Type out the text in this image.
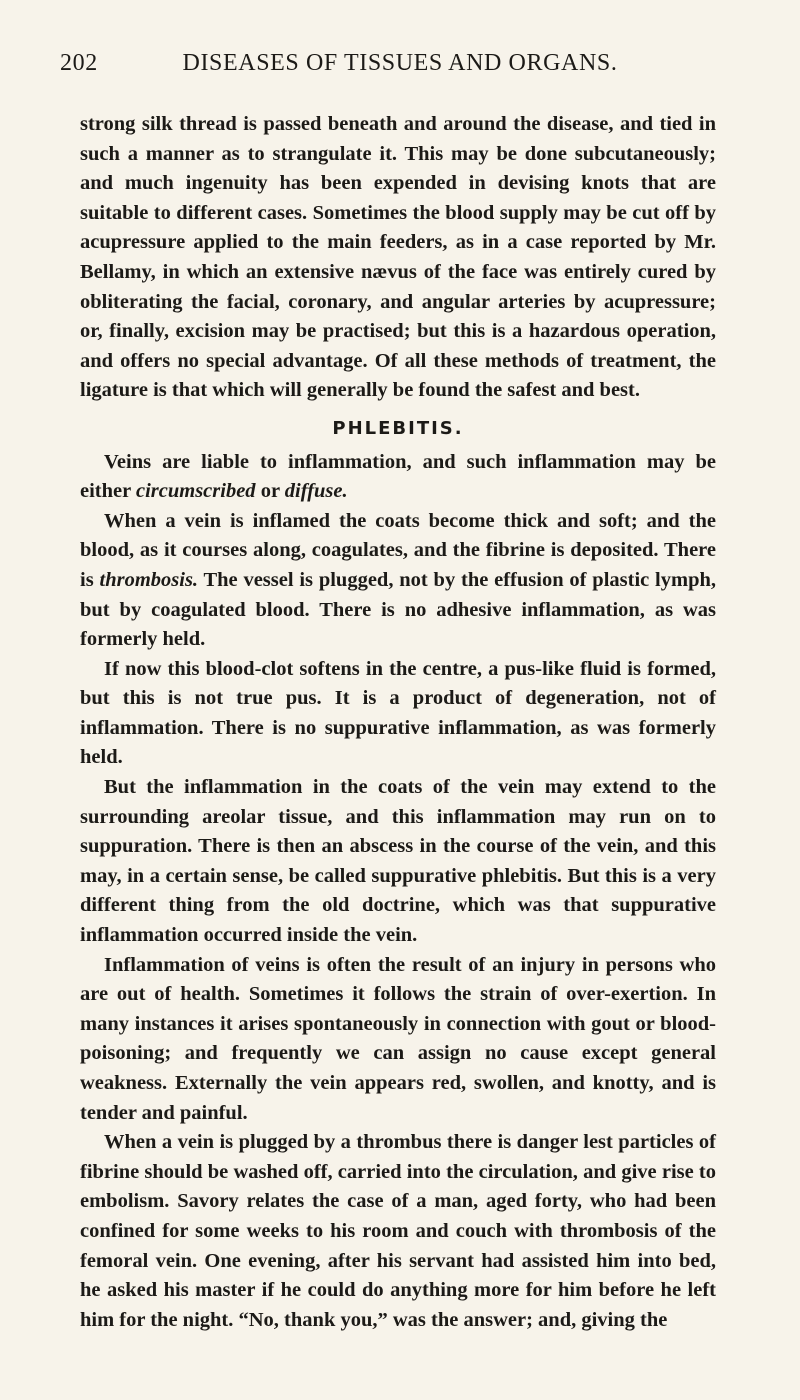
202	DISEASES OF TISSUES AND ORGANS.

strong silk thread is passed beneath and around the disease, and tied in such a manner as to strangulate it. This may be done subcutaneously; and much ingenuity has been expended in devising knots that are suitable to different cases. Sometimes the blood supply may be cut off by acupressure applied to the main feeders, as in a case reported by Mr. Bellamy, in which an extensive nævus of the face was entirely cured by obliterating the facial, coronary, and angular arteries by acupressure; or, finally, excision may be practised; but this is a hazardous operation, and offers no special advantage. Of all these methods of treatment, the ligature is that which will generally be found the safest and best.

PHLEBITIS.

Veins are liable to inflammation, and such inflammation may be either circumscribed or diffuse.

When a vein is inflamed the coats become thick and soft; and the blood, as it courses along, coagulates, and the fibrine is deposited. There is thrombosis. The vessel is plugged, not by the effusion of plastic lymph, but by coagulated blood. There is no adhesive inflammation, as was formerly held.

If now this blood-clot softens in the centre, a pus-like fluid is formed, but this is not true pus. It is a product of degeneration, not of inflammation. There is no suppurative inflammation, as was formerly held.

But the inflammation in the coats of the vein may extend to the surrounding areolar tissue, and this inflammation may run on to suppuration. There is then an abscess in the course of the vein, and this may, in a certain sense, be called suppurative phlebitis. But this is a very different thing from the old doctrine, which was that suppurative inflammation occurred inside the vein.

Inflammation of veins is often the result of an injury in persons who are out of health. Sometimes it follows the strain of over-exertion. In many instances it arises spontaneously in connection with gout or blood-poisoning; and frequently we can assign no cause except general weakness. Externally the vein appears red, swollen, and knotty, and is tender and painful.

When a vein is plugged by a thrombus there is danger lest particles of fibrine should be washed off, carried into the circulation, and give rise to embolism. Savory relates the case of a man, aged forty, who had been confined for some weeks to his room and couch with thrombosis of the femoral vein. One evening, after his servant had assisted him into bed, he asked his master if he could do anything more for him before he left him for the night. “No, thank you,” was the answer; and, giving the
